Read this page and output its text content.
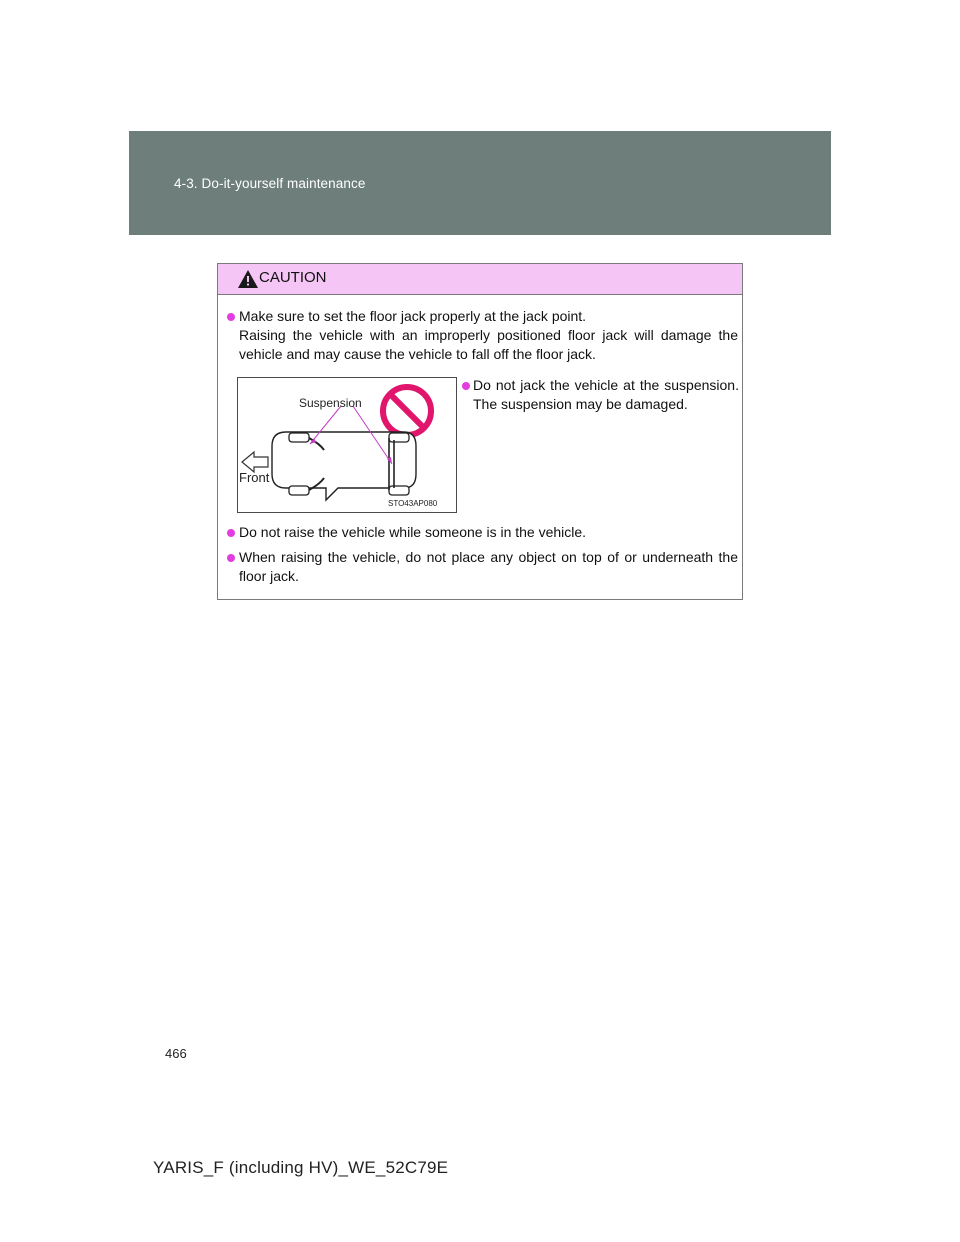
4-3. Do-it-yourself maintenance
CAUTION
Make sure to set the floor jack properly at the jack point.
Raising the vehicle with an improperly positioned floor jack will damage the vehicle and may cause the vehicle to fall off the floor jack.
Suspension
Front
STO43AP080
Do not jack the vehicle at the suspension. The suspension may be damaged.
Do not raise the vehicle while someone is in the vehicle.
When raising the vehicle, do not place any object on top of or underneath the floor jack.
466
YARIS_F (including HV)_WE_52C79E
